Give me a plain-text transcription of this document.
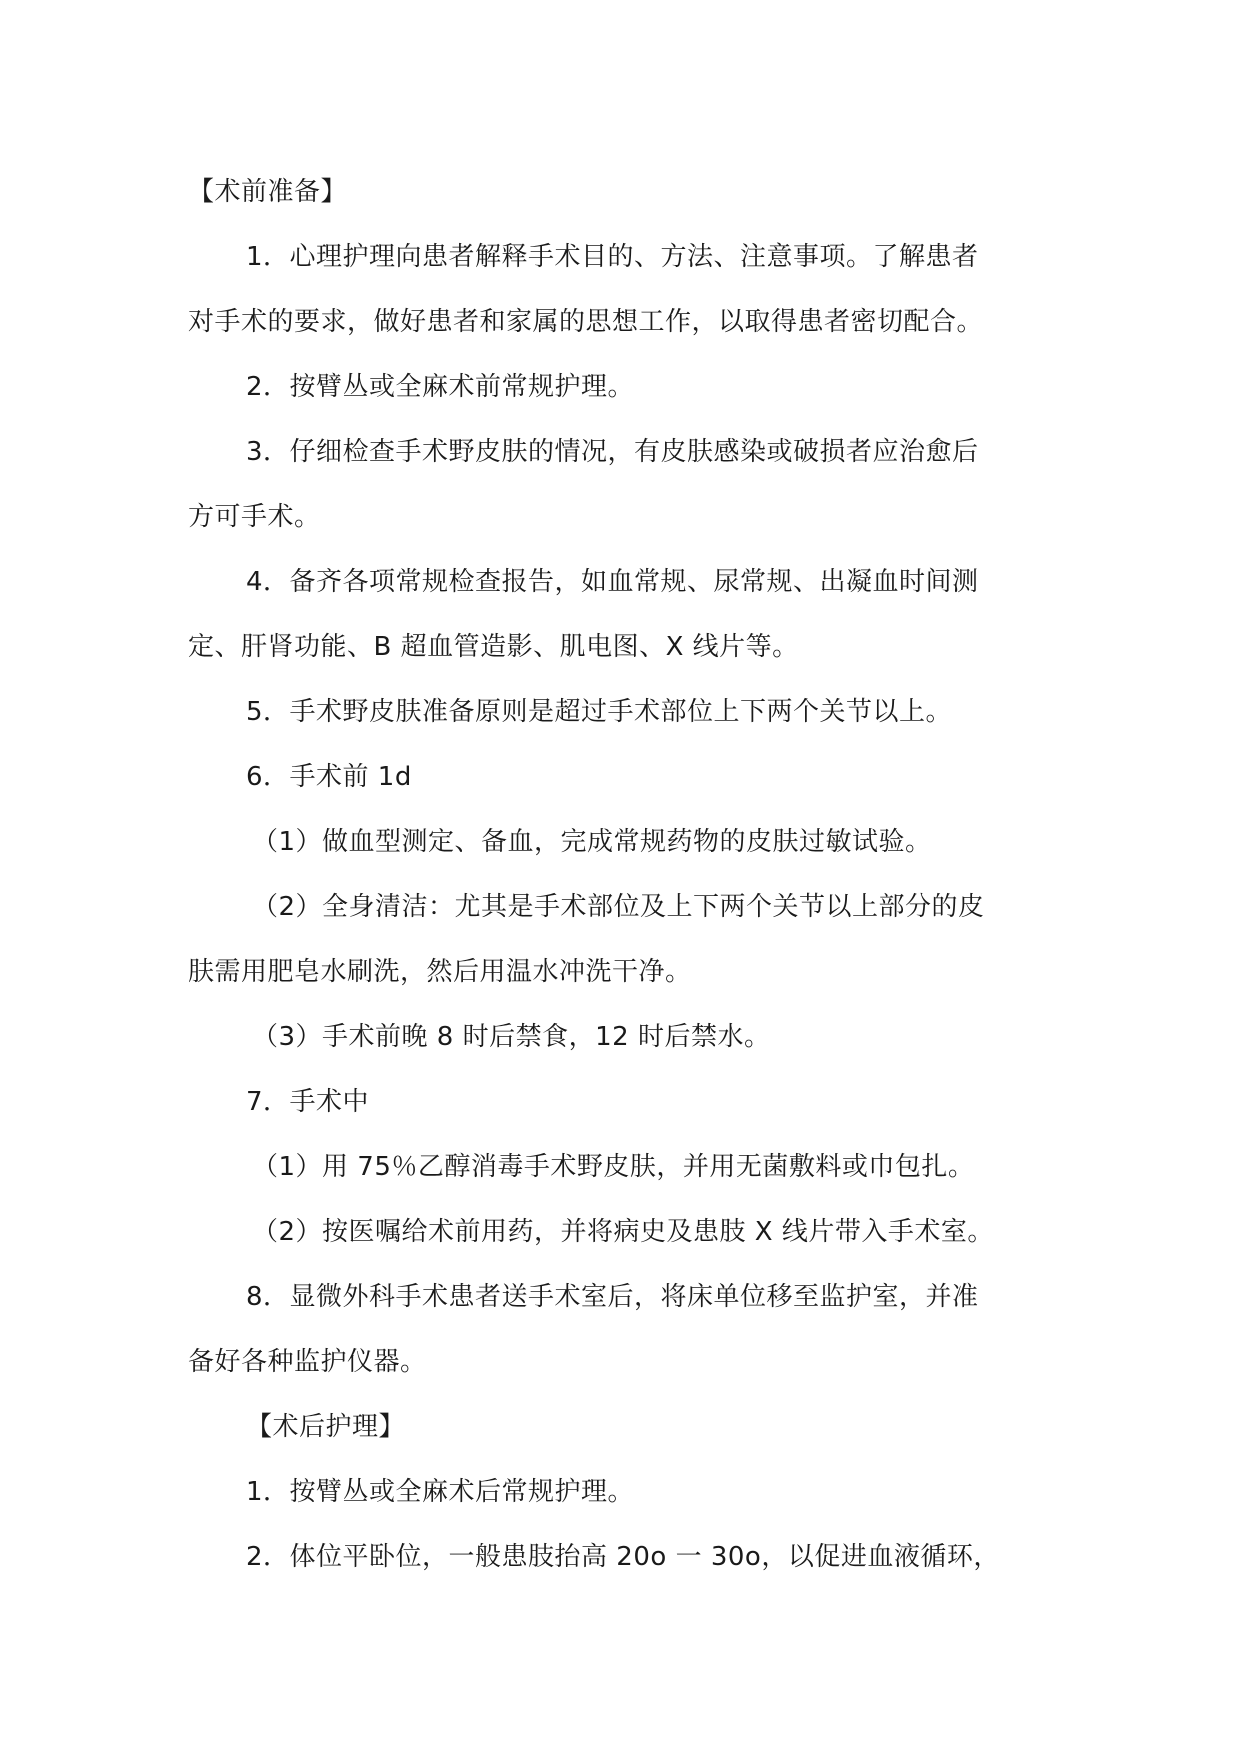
【术前准备】

1．心理护理向患者解释手术目的、方法、注意事项。了解患者

对手术的要求，做好患者和家属的思想工作，以取得患者密切配合。

2．按臂丛或全麻术前常规护理。

3．仔细检查手术野皮肤的情况，有皮肤感染或破损者应治愈后

方可手术。

4．备齐各项常规检查报告，如血常规、尿常规、出凝血时间测

定、肝肾功能、B 超血管造影、肌电图、X 线片等。

5．手术野皮肤准备原则是超过手术部位上下两个关节以上。

6．手术前 1d

（1）做血型测定、备血，完成常规药物的皮肤过敏试验。

（2）全身清洁：尤其是手术部位及上下两个关节以上部分的皮

肤需用肥皂水刷洗，然后用温水冲洗干净。

（3）手术前晚 8 时后禁食，12 时后禁水。

7．手术中

（1）用 75％乙醇消毒手术野皮肤，并用无菌敷料或巾包扎。

（2）按医嘱给术前用药，并将病史及患肢 X 线片带入手术室。

8．显微外科手术患者送手术室后，将床单位移至监护室，并准

备好各种监护仪器。

【术后护理】

1．按臂丛或全麻术后常规护理。

2．体位平卧位，一般患肢抬高 20o 一 30o，以促进血液循环，
